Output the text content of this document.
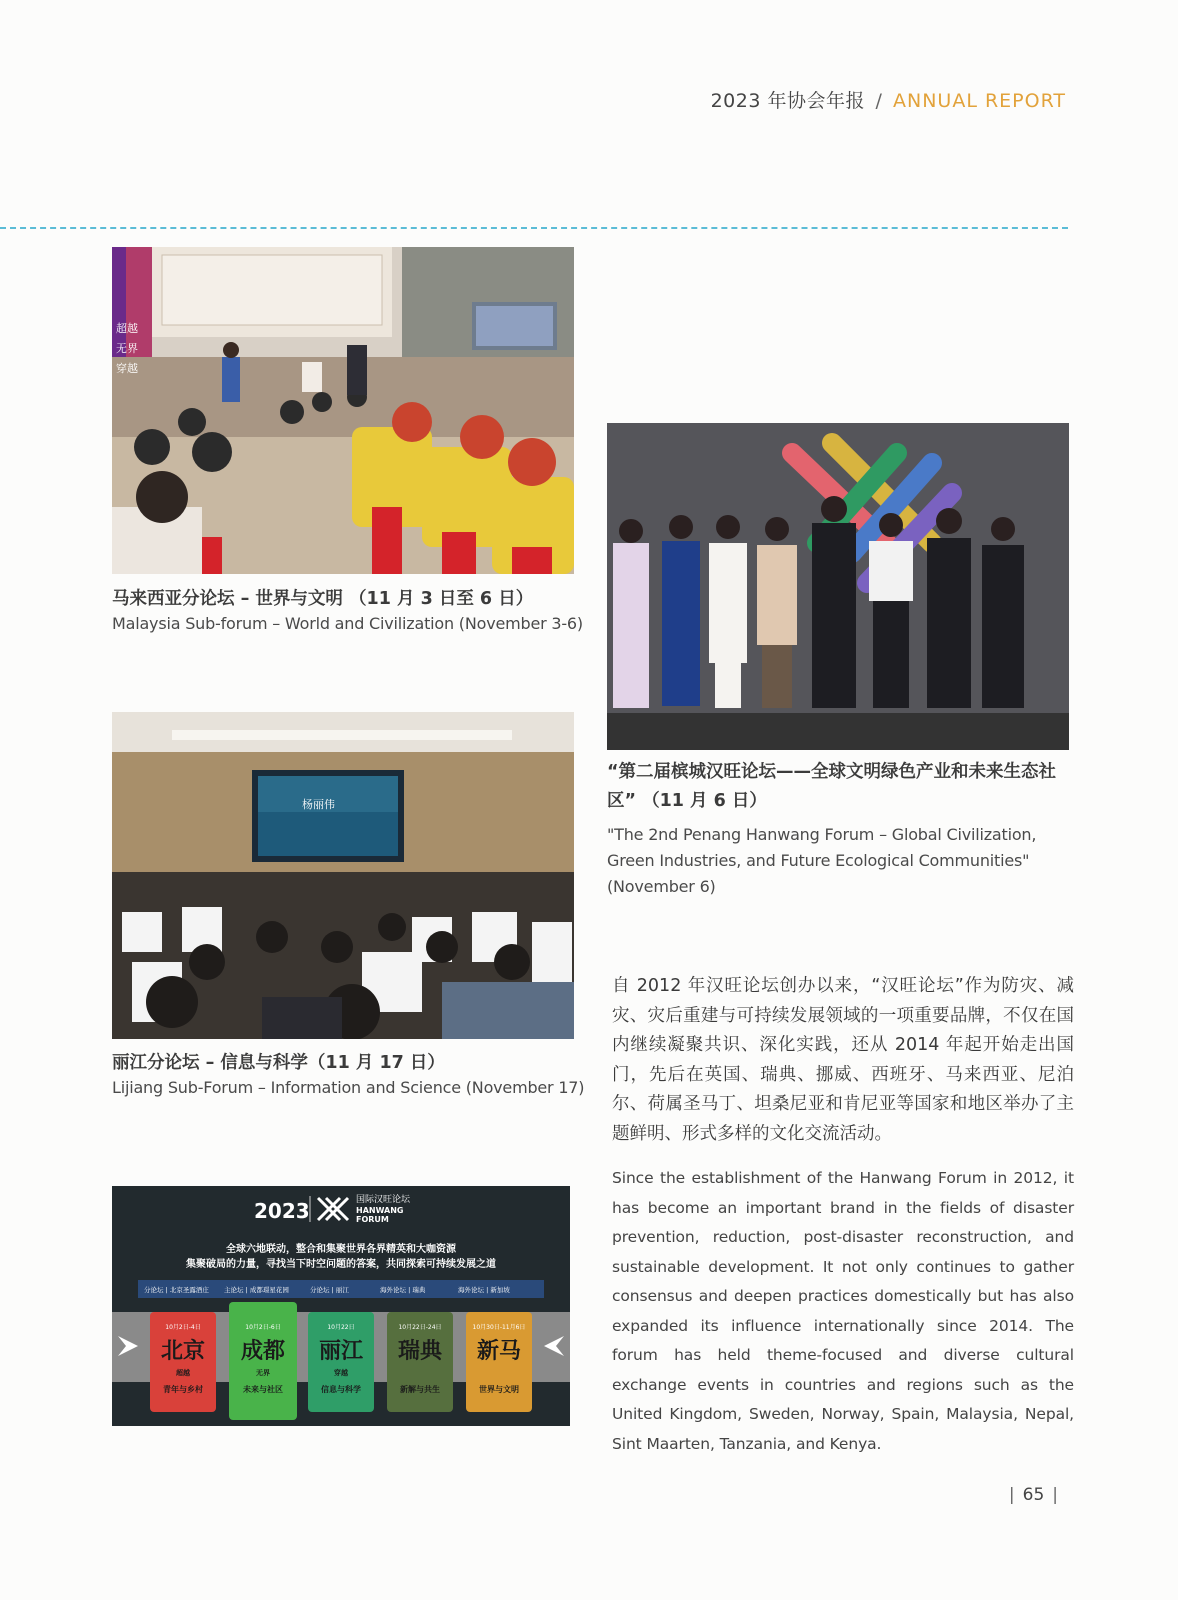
2023 年协会年报 / ANNUAL REPORT
超越
无界
穿越
马来西亚分论坛 – 世界与文明 （11 月 3 日至 6 日）
Malaysia Sub-forum – World and Civilization (November 3-6)
“第二届槟城汉旺论坛——全球文明绿色产业和未来生态社区” （11 月 6 日）
"The 2nd Penang Hanwang Forum – Global Civilization, Green Industries, and Future Ecological Communities" (November 6)
杨丽伟
丽江分论坛 – 信息与科学（11 月 17 日）
Lijiang Sub-Forum – Information and Science (November 17)
2023	国际汉旺论坛
HANWANG
FORUM
全球六地联动，整合和集聚世界各界精英和大咖资源
集聚破局的力量，寻找当下时空问题的答案，共同探索可持续发展之道
分论坛 | 北京圣露酒庄 主论坛 | 成都璟星花园	分论坛 | 丽江	海外论坛 | 瑞典	海外论坛 | 新加坡
10月2日-4日	10月2日-6日	10月22日	10月22日-24日	10月30日-11月6日
北京 成都 丽江 瑞典 新马
超越	无界	穿越
青年与乡村	未来与社区	信息与科学	新解与共生	世界与文明
自 2012 年汉旺论坛创办以来，“汉旺论坛”作为防灾、减灾、灾后重建与可持续发展领域的一项重要品牌，不仅在国内继续凝聚共识、深化实践，还从 2014 年起开始走出国门，先后在英国、瑞典、挪威、西班牙、马来西亚、尼泊尔、荷属圣马丁、坦桑尼亚和肯尼亚等国家和地区举办了主题鲜明、形式多样的文化交流活动。
Since the establishment of the Hanwang Forum in 2012, it has become an important brand in the fields of disaster prevention, reduction, post-disaster reconstruction, and sustainable development. It not only continues to gather consensus and deepen practices domestically but has also expanded its influence internationally since 2014. The forum has held theme-focused and diverse cultural exchange events in countries and regions such as the United Kingdom, Sweden, Norway, Spain, Malaysia, Nepal, Sint Maarten, Tanzania, and Kenya.
| 65 |
